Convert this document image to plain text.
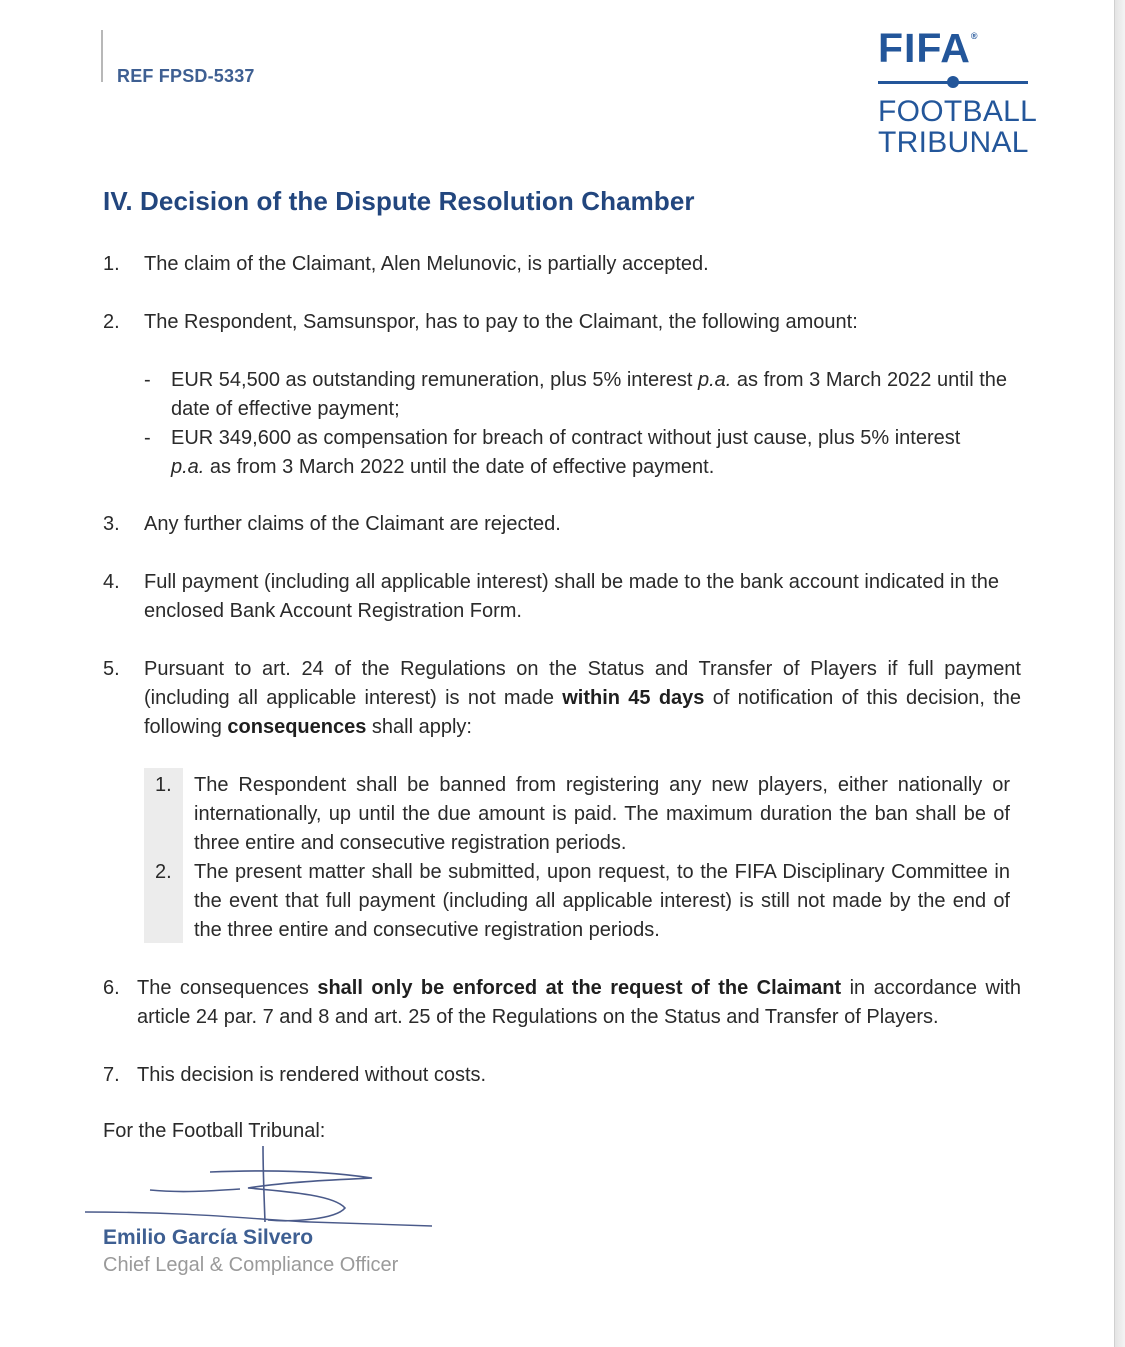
REF FPSD-5337
FIFA®
FOOTBALL
TRIBUNAL
IV. Decision of the Dispute Resolution Chamber
1. The claim of the Claimant, Alen Melunovic, is partially accepted.
2. The Respondent, Samsunspor, has to pay to the Claimant, the following amount:
- EUR 54,500 as outstanding remuneration, plus 5% interest p.a. as from 3 March 2022 until the date of effective payment;
- EUR 349,600 as compensation for breach of contract without just cause, plus 5% interest p.a. as from 3 March 2022 until the date of effective payment.
3. Any further claims of the Claimant are rejected.
4. Full payment (including all applicable interest) shall be made to the bank account indicated in the enclosed Bank Account Registration Form.
5. Pursuant to art. 24 of the Regulations on the Status and Transfer of Players if full payment (including all applicable interest) is not made within 45 days of notification of this decision, the following consequences shall apply:
1. The Respondent shall be banned from registering any new players, either nationally or internationally, up until the due amount is paid. The maximum duration the ban shall be of three entire and consecutive registration periods.
2. The present matter shall be submitted, upon request, to the FIFA Disciplinary Committee in the event that full payment (including all applicable interest) is still not made by the end of the three entire and consecutive registration periods.
6. The consequences shall only be enforced at the request of the Claimant in accordance with article 24 par. 7 and 8 and art. 25 of the Regulations on the Status and Transfer of Players.
7. This decision is rendered without costs.
For the Football Tribunal:
Emilio García Silvero
Chief Legal & Compliance Officer
